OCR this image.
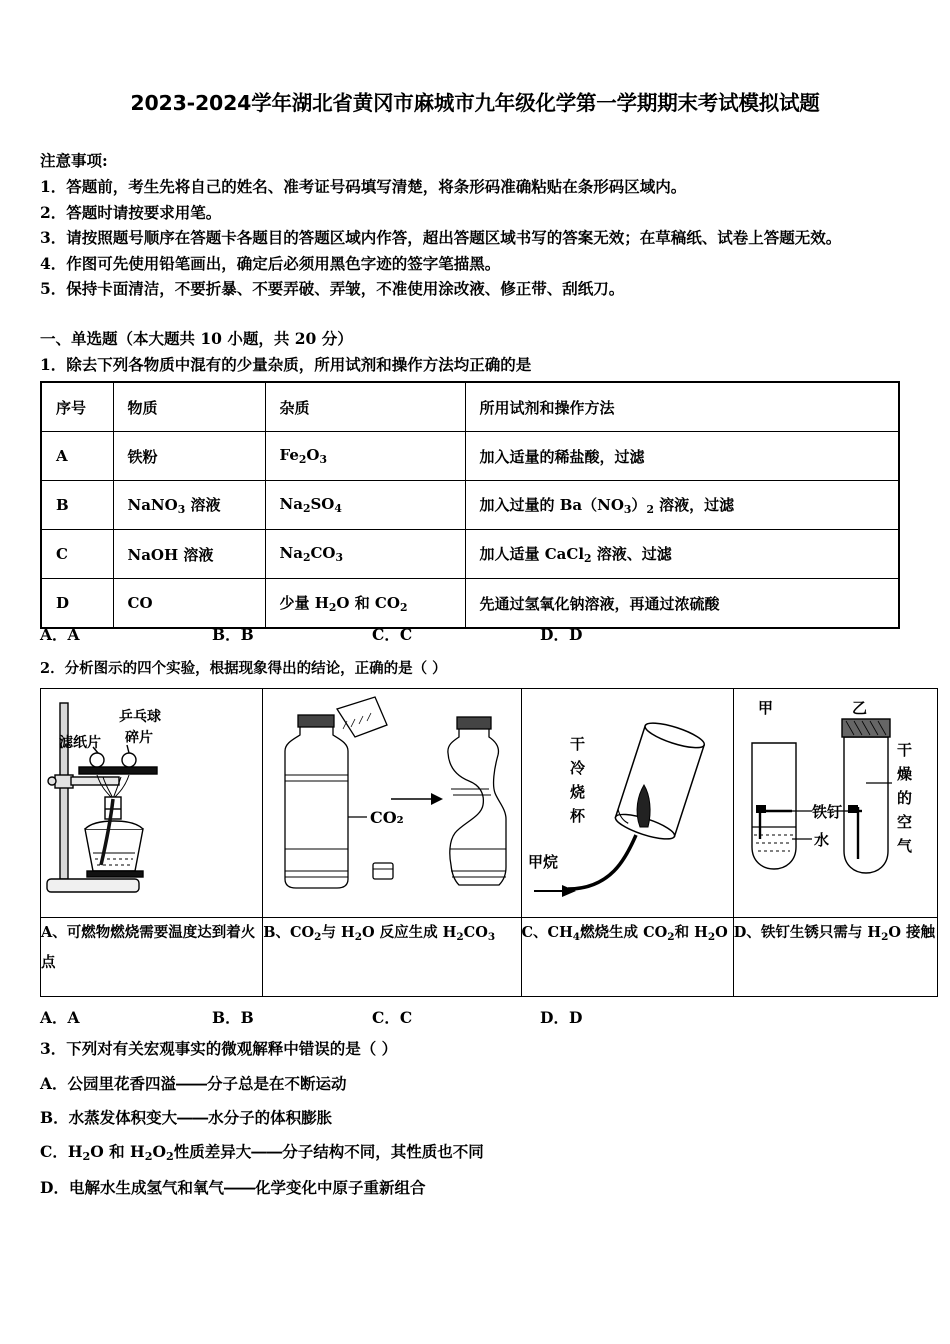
2023-2024学年湖北省黄冈市麻城市九年级化学第一学期期末考试模拟试题
注意事项:
1．答题前，考生先将自己的姓名、准考证号码填写清楚，将条形码准确粘贴在条形码区域内。
2．答题时请按要求用笔。
3．请按照题号顺序在答题卡各题目的答题区域内作答，超出答题区域书写的答案无效；在草稿纸、试卷上答题无效。
4．作图可先使用铅笔画出，确定后必须用黑色字迹的签字笔描黑。
5．保持卡面清洁，不要折暴、不要弄破、弄皱，不准使用涂改液、修正带、刮纸刀。
一、单选题（本大题共 10 小题，共 20 分）
1．除去下列各物质中混有的少量杂质，所用试剂和操作方法均正确的是
序号	物质	杂质	所用试剂和操作方法
A	铁粉	$Fe_2O_3$	加入适量的稀盐酸，过滤
B	NaNO$_3$ 溶液	$Na_2SO_4$	加入过量的 $Ba(NO_3)_2$ 溶液，过滤
C	NaOH 溶液	$Na_2CO_3$	加人适量 CaCl$_2$ 溶液、过滤
D	CO	少量 $H_2O$ 和 $CO_2$	先通过氢氧化钠溶液，再通过浓硫酸
A．A	B．B	C．C	D．D
2．分析图示的四个实验，根据现象得出的结论，正确的是（ ）
滤纸片
乒乓球
碎片

CO₂

干
冷
烧
杯
甲烷

甲	乙
铁钉
水
干
燥
的
空
气

A、可燃物燃烧需要温度达到着火点	B、$CO_2$与 $H_2O$ 反应生成 $H_2CO_3$	C、$CH_4$燃烧生成 $CO_2$和 $H_2O$	D、铁钉生锈只需与 $H_2O$ 接触
A．A	B．B	C．C	D．D
3．下列对有关宏观事实的微观解释中错误的是（ ）
A．公园里花香四溢――分子总是在不断运动
B．水蒸发体积变大――水分子的体积膨胀
C．$H_2O$ 和 $H_2O_2$性质差异大――分子结构不同，其性质也不同
D．电解水生成氢气和氧气――化学变化中原子重新组合
